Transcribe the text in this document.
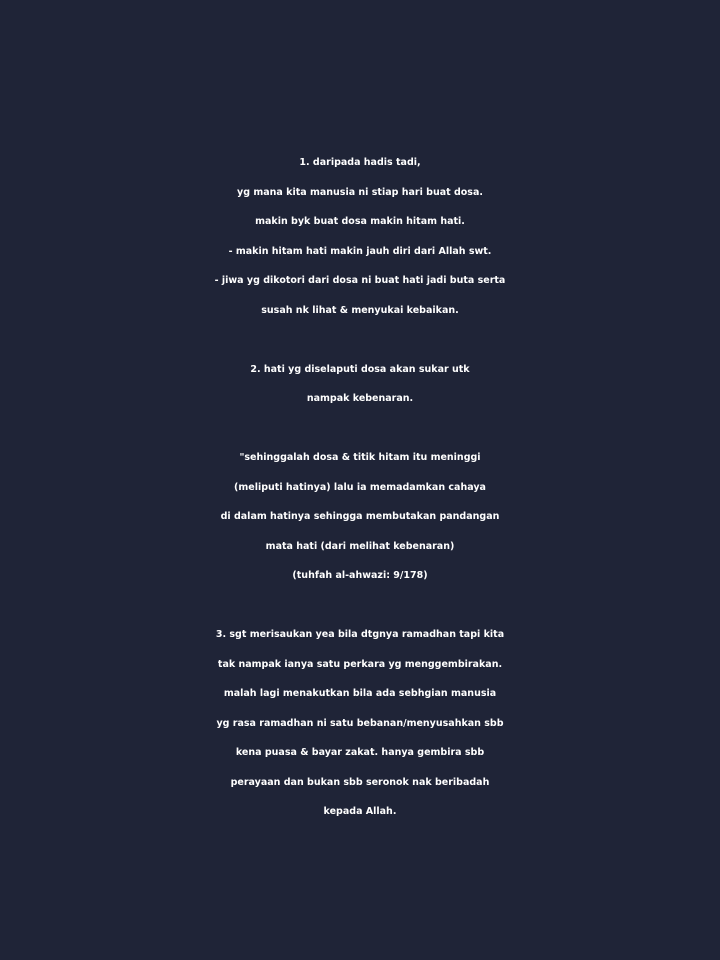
1. daripada hadis tadi,
yg mana kita manusia ni stiap hari buat dosa.
makin byk buat dosa makin hitam hati.
- makin hitam hati makin jauh diri dari Allah swt.
- jiwa yg dikotori dari dosa ni buat hati jadi buta serta
susah nk lihat & menyukai kebaikan.

2. hati yg diselaputi dosa akan sukar utk
nampak kebenaran.

"sehinggalah dosa & titik hitam itu meninggi
(meliputi hatinya) lalu ia memadamkan cahaya
di dalam hatinya sehingga membutakan pandangan
mata hati (dari melihat kebenaran)
(tuhfah al-ahwazi: 9/178)

3. sgt merisaukan yea bila dtgnya ramadhan tapi kita
tak nampak ianya satu perkara yg menggembirakan.
malah lagi menakutkan bila ada sebhgian manusia
yg rasa ramadhan ni satu bebanan/menyusahkan sbb
kena puasa & bayar zakat. hanya gembira sbb
perayaan dan bukan sbb seronok nak beribadah
kepada Allah.
